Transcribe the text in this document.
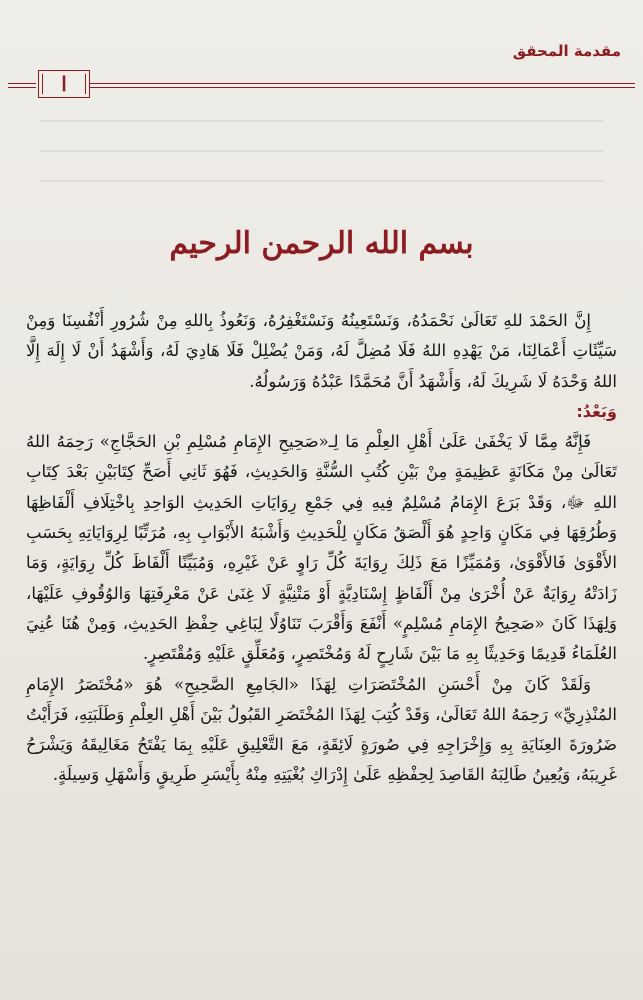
مقدمة المحقق
ا
بسم الله الرحمن الرحيم

إِنَّ الحَمْدَ للهِ تَعَالَىٰ نَحْمَدُهُ، وَنَسْتَعِينُهُ وَنَسْتَغْفِرُهُ، وَنَعُوذُ بِاللهِ مِنْ شُرُورِ أَنْفُسِنَا وَمِنْ سَيِّئَاتِ أَعْمَالِنَا، مَنْ يَهْدِهِ اللهُ فَلَا مُضِلَّ لَهُ، وَمَنْ يُضْلِلْ فَلَا هَادِيَ لَهُ، وَأَشْهَدُ أَنْ لَا إِلَهَ إِلَّا اللهُ وَحْدَهُ لَا شَرِيكَ لَهُ، وَأَشْهَدُ أَنَّ مُحَمَّدًا عَبْدُهُ وَرَسُولُهُ.

وَبَعْدُ:

فَإِنَّهُ مِمَّا لَا يَخْفَىٰ عَلَىٰ أَهْلِ العِلْمِ مَا لِـ«صَحِيحِ الإِمَامِ مُسْلِمِ بْنِ الحَجَّاجِ» رَحِمَهُ اللهُ تَعَالَىٰ مِنْ مَكَانَةٍ عَظِيمَةٍ مِنْ بَيْنِ كُتُبِ السُّنَّةِ وَالحَدِيثِ، فَهُوَ ثَانِي أَصَحِّ كِتَابَيْنِ بَعْدَ كِتَابِ اللهِ ﷻ، وَقَدْ بَرَعَ الإِمَامُ مُسْلِمٌ فِيهِ فِي جَمْعِ رِوَايَاتِ الحَدِيثِ الوَاحِدِ بِاخْتِلَافِ أَلْفَاظِهَا وَطُرُقِهَا فِي مَكَانٍ وَاحِدٍ هُوَ أَلْصَقُ مَكَانٍ لِلْحَدِيثِ وَأَشْبَهُ الأَبْوَابِ بِهِ، مُرَتِّبًا لِرِوَايَاتِهِ بِحَسَبِ الأَقْوَىٰ فَالأَقْوَىٰ، وَمُمَيِّزًا مَعَ ذَلِكَ رِوَايَةَ كُلِّ رَاوٍ عَنْ غَيْرِهِ، وَمُبَيِّنًا أَلْفَاظَ كُلِّ رِوَايَةٍ، وَمَا زَادَتْهُ رِوَايَةٌ عَنْ أُخْرَىٰ مِنْ أَلْفَاظٍ إِسْنَادِيَّةٍ أَوْ مَتْنِيَّةٍ لَا غِنَىٰ عَنْ مَعْرِفَتِهَا وَالوُقُوفِ عَلَيْهَا، وَلِهَذَا كَانَ «صَحِيحُ الإِمَامِ مُسْلِمٍ» أَنْفَعَ وَأَقْرَبَ تَنَاوُلًا لِبَاغِي حِفْظِ الحَدِيثِ، وَمِنْ هُنَا عُنِيَ العُلَمَاءُ قَدِيمًا وَحَدِيثًا بِهِ مَا بَيْنَ شَارِحٍ لَهُ وَمُخْتَصِرٍ، وَمُعَلِّقٍ عَلَيْهِ وَمُقْتَصِرٍ.

وَلَقَدْ كَانَ مِنْ أَحْسَنِ المُخْتَصَرَاتِ لِهَذَا «الجَامِعِ الصَّحِيحِ» هُوَ «مُخْتَصَرُ الإِمَامِ المُنْذِرِيِّ» رَحِمَهُ اللهُ تَعَالَىٰ، وَقَدْ كُتِبَ لِهَذَا المُخْتَصَرِ القَبُولُ بَيْنَ أَهْلِ العِلْمِ وَطَلَبَتِهِ، فَرَأَيْتُ ضَرُورَةَ العِنَايَةِ بِهِ وَإِخْرَاجِهِ فِي صُورَةٍ لَائِقَةٍ، مَعَ التَّعْلِيقِ عَلَيْهِ بِمَا يَفْتَحُ مَغَالِيقَهُ وَيَشْرَحُ غَرِيبَهُ، وَيُعِينُ طَالِبَهُ القَاصِدَ لِحِفْظِهِ عَلَىٰ إِدْرَاكِ بُغْيَتِهِ مِنْهُ بِأَيْسَرِ طَرِيقٍ وَأَسْهَلِ وَسِيلَةٍ.
